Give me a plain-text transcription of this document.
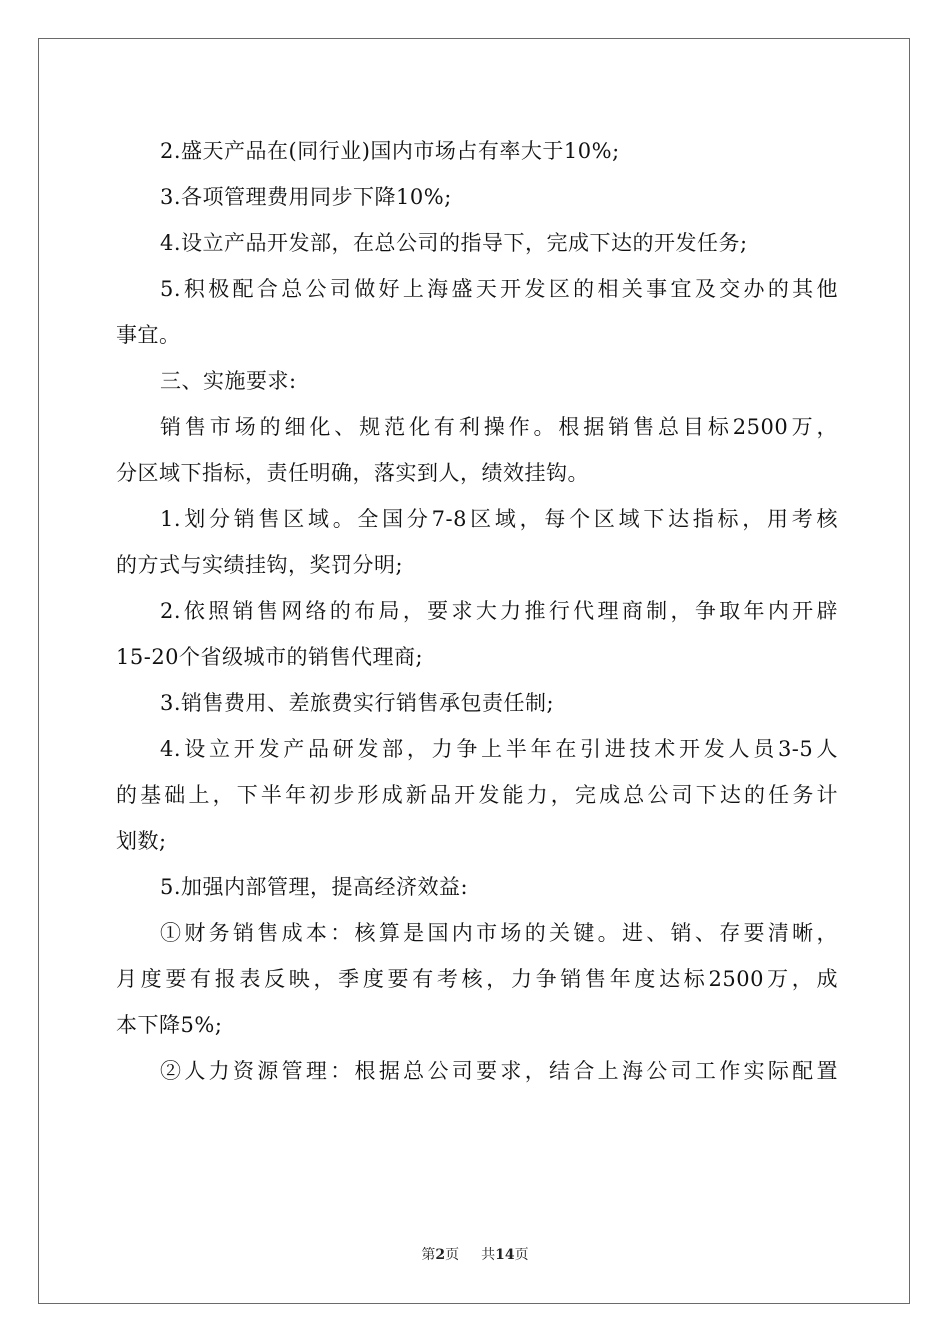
2.盛天产品在(同行业)国内市场占有率大于10%;
3.各项管理费用同步下降10%;
4.设立产品开发部，在总公司的指导下，完成下达的开发任务;
5.积极配合总公司做好上海盛天开发区的相关事宜及交办的其他
事宜。
三、实施要求:
销售市场的细化、规范化有利操作。根据销售总目标2500万，
分区域下指标，责任明确，落实到人，绩效挂钩。
1.划分销售区域。全国分7-8区域，每个区域下达指标，用考核
的方式与实绩挂钩，奖罚分明;
2.依照销售网络的布局，要求大力推行代理商制，争取年内开辟
15-20个省级城市的销售代理商;
3.销售费用、差旅费实行销售承包责任制;
4.设立开发产品研发部，力争上半年在引进技术开发人员3-5人
的基础上，下半年初步形成新品开发能力，完成总公司下达的任务计
划数;
5.加强内部管理，提高经济效益:
①财务销售成本：核算是国内市场的关键。进、销、存要清晰，
月度要有报表反映，季度要有考核，力争销售年度达标2500万，成
本下降5%;
②人力资源管理：根据总公司要求，结合上海公司工作实际配置
第2页 共14页
